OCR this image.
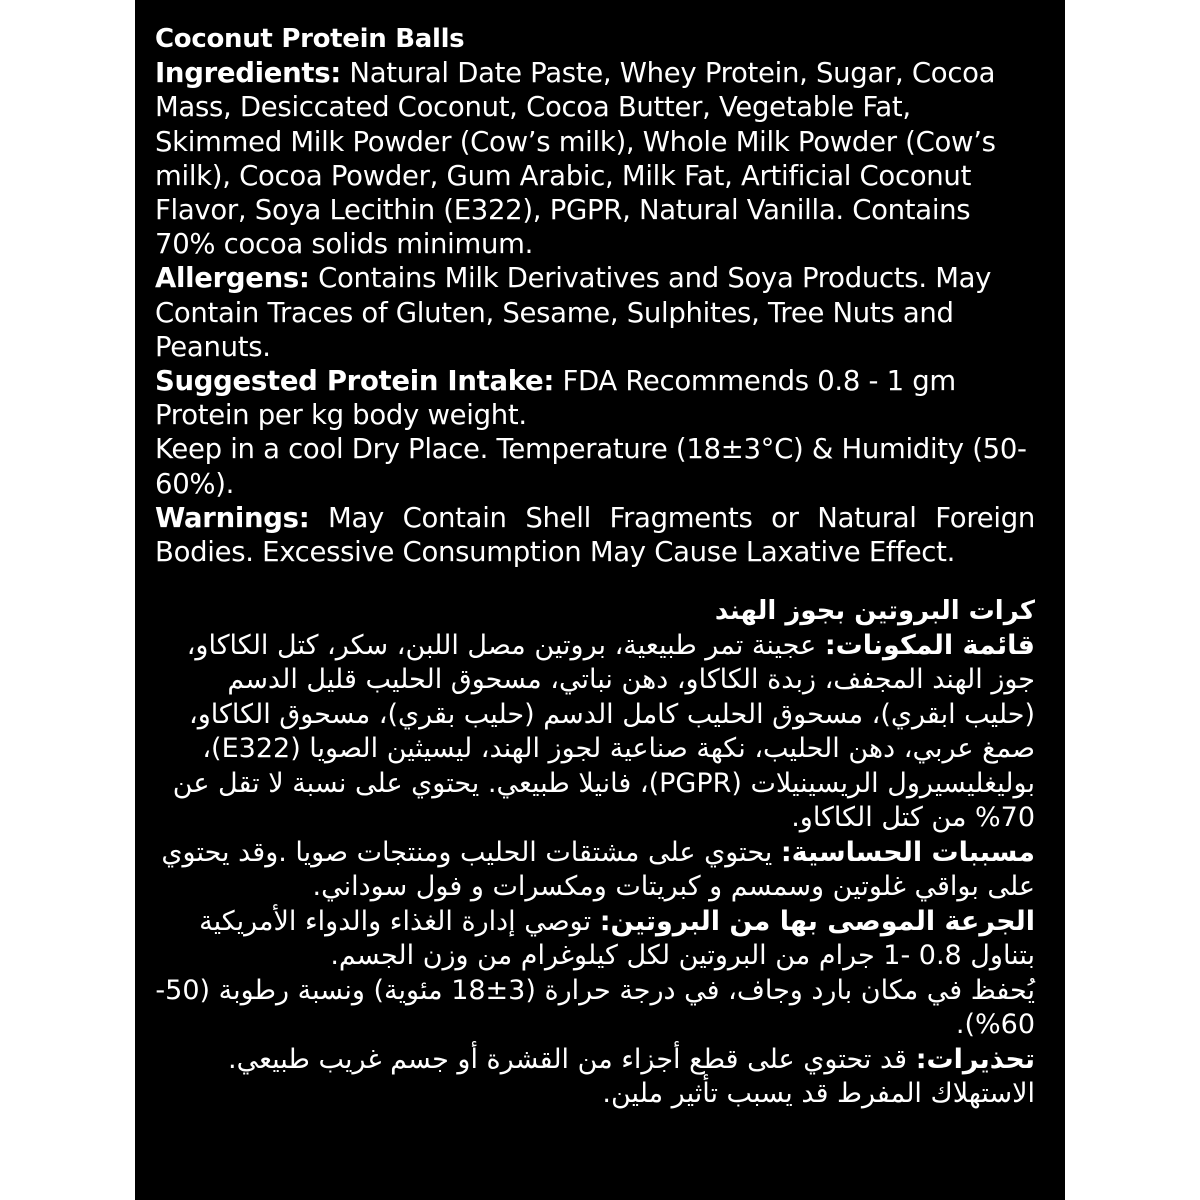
Coconut Protein Balls

Ingredients: Natural Date Paste, Whey Protein, Sugar, Cocoa Mass, Desiccated Coconut, Cocoa Butter, Vegetable Fat, Skimmed Milk Powder (Cow’s milk), Whole Milk Powder (Cow’s milk), Cocoa Powder, Gum Arabic, Milk Fat, Artificial Coconut Flavor, Soya Lecithin (E322), PGPR, Natural Vanilla. Contains 70% cocoa solids minimum.

Allergens: Contains Milk Derivatives and Soya Products. May Contain Traces of Gluten, Sesame, Sulphites, Tree Nuts and Peanuts.

Suggested Protein Intake: FDA Recommends 0.8 - 1 gm Protein per kg body weight.

Keep in a cool Dry Place. Temperature (18±3°C) & Humidity (50-60%).

Warnings: May Contain Shell Fragments or Natural Foreign Bodies. Excessive Consumption May Cause Laxative Effect.

كرات البروتين بجوز الهند

قائمة المكونات: عجينة تمر طبيعية، بروتين مصل اللبن، سكر، كتل الكاكاو، جوز الهند المجفف، زبدة الكاكاو، دهن نباتي، مسحوق الحليب قليل الدسم (حليب ابقري)، مسحوق الحليب كامل الدسم (حليب بقري)، مسحوق الكاكاو، صمغ عربي، دهن الحليب، نكهة صناعية لجوز الهند، ليسيثين الصويا (E322)، بوليغليسيرول الريسينيلات (PGPR)، فانيلا طبيعي. يحتوي على نسبة لا تقل عن 70% من كتل الكاكاو.

مسببات الحساسية: يحتوي على مشتقات الحليب ومنتجات صويا .وقد يحتوي على بواقي غلوتين وسمسم و كبريتات ومكسرات و فول سوداني.

الجرعة الموصى بها من البروتين: توصي إدارة الغذاء والدواء الأمريكية بتناول 0.8 -1 جرام من البروتين لكل كيلوغرام من وزن الجسم.

يُحفظ في مكان بارد وجاف، في درجة حرارة (3±18 مئوية) ونسبة رطوبة (50-60%).

تحذيرات: قد تحتوي على قطع أجزاء من القشرة أو جسم غريب طبيعي. الاستهلاك المفرط قد يسبب تأثير ملين.
